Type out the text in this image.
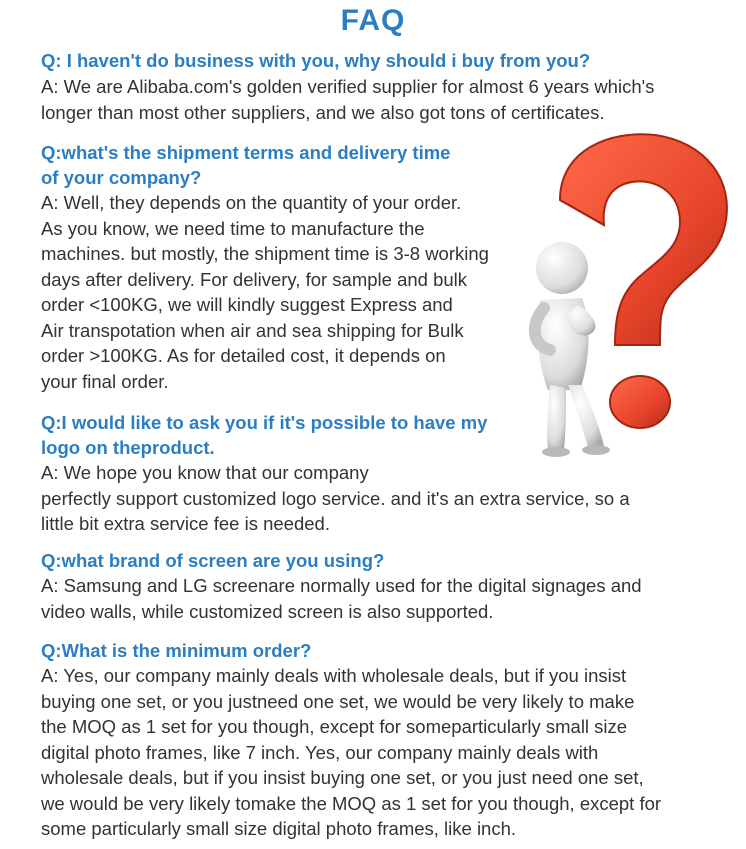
FAQ
Q: I haven't do business with you, why should i buy from you?
A: We are Alibaba.com's golden verified supplier for almost 6 years which's
longer than most other suppliers, and we also got tons of certificates.
Q:what's the shipment terms and delivery time
of your company?
A: Well, they depends on the quantity of your order.
As you know, we need time to manufacture the
machines. but mostly, the shipment time is 3-8 working
days after delivery. For delivery, for sample and bulk
order <100KG, we will kindly suggest Express and
Air transpotation when air and sea shipping for Bulk
order >100KG. As for detailed cost, it depends on
your final order.
Q:I would like to ask you if it's possible to have my
logo on theproduct.
A: We hope you know that our company
perfectly support customized logo service. and it's an extra service, so a
little bit extra service fee is needed.
Q:what brand of screen are you using?
A: Samsung and LG screenare normally used for the digital signages and
video walls, while customized screen is also supported.
Q:What is the minimum order?
A: Yes, our company mainly deals with wholesale deals, but if you insist
buying one set, or you justneed one set, we would be very likely to make
the MOQ as 1 set for you though, except for someparticularly small size
digital photo frames, like 7 inch. Yes, our company mainly deals with
wholesale deals, but if you insist buying one set, or you just need one set,
we would be very likely tomake the MOQ as 1 set for you though, except for
some particularly small size digital photo frames, like inch.
